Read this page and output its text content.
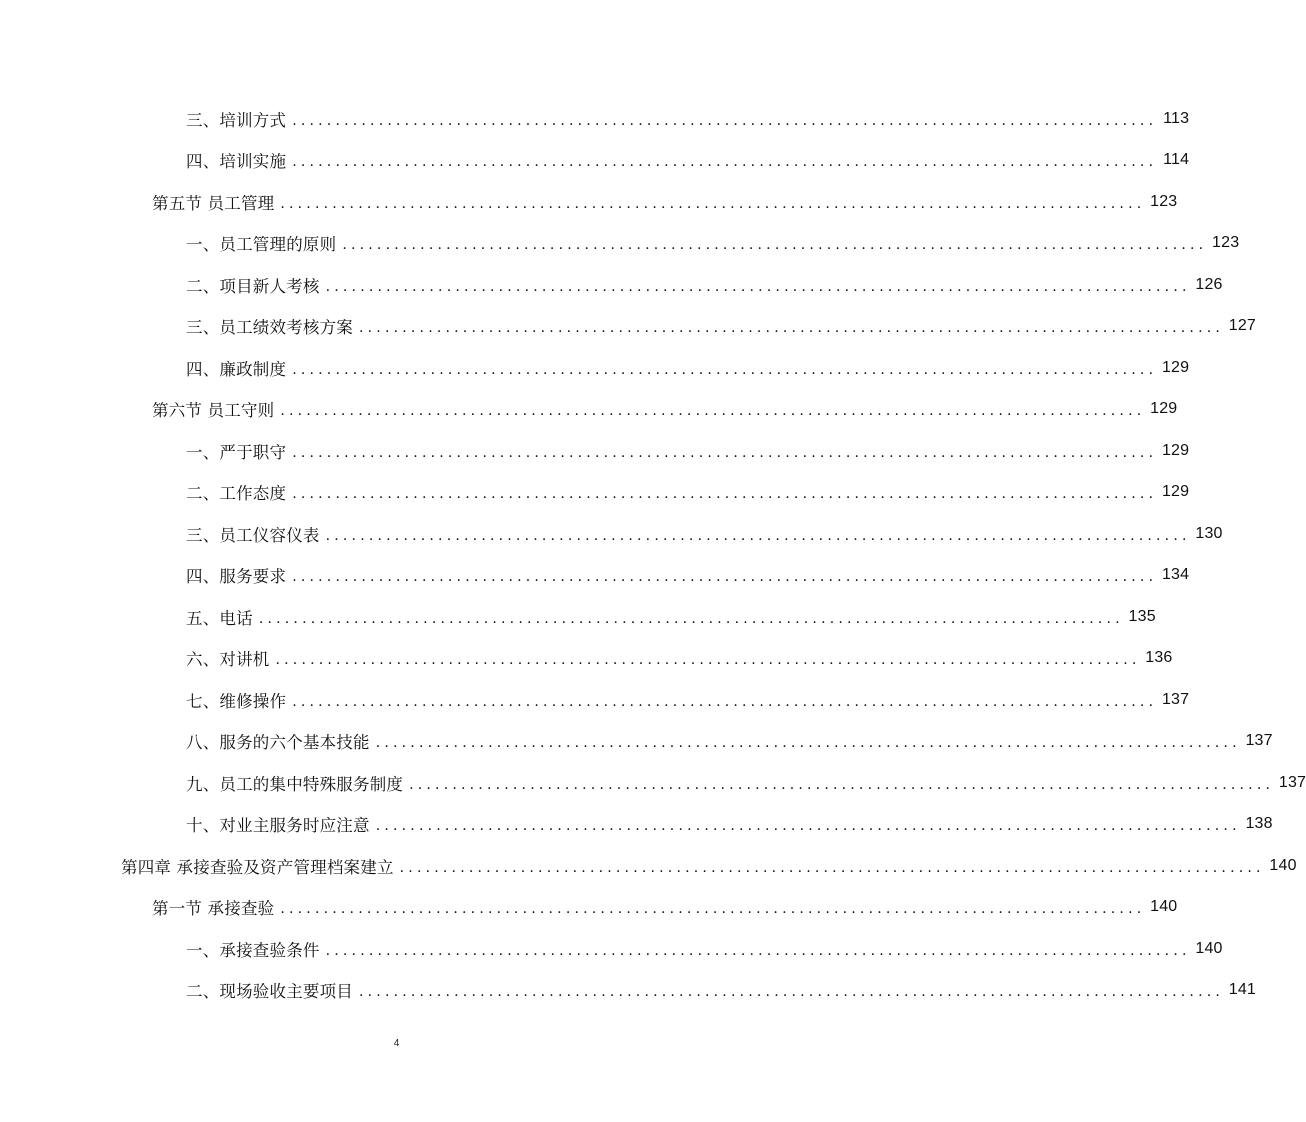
三、培训方式 .................................................................................................... 113
四、培训实施 .................................................................................................... 114
第五节 员工管理 .................................................................................................... 123
一、员工管理的原则 .................................................................................................... 123
二、项目新人考核 .................................................................................................... 126
三、员工绩效考核方案 .................................................................................................... 127
四、廉政制度 .................................................................................................... 129
第六节 员工守则 .................................................................................................... 129
一、严于职守 .................................................................................................... 129
二、工作态度 .................................................................................................... 129
三、员工仪容仪表 .................................................................................................... 130
四、服务要求 .................................................................................................... 134
五、电话 .................................................................................................... 135
六、对讲机 .................................................................................................... 136
七、维修操作 .................................................................................................... 137
八、服务的六个基本技能 .................................................................................................... 137
九、员工的集中特殊服务制度 .................................................................................................... 137
十、对业主服务时应注意 .................................................................................................... 138
第四章 承接查验及资产管理档案建立 .................................................................................................... 140
第一节 承接查验 .................................................................................................... 140
一、承接查验条件 .................................................................................................... 140
二、现场验收主要项目 .................................................................................................... 141
4
